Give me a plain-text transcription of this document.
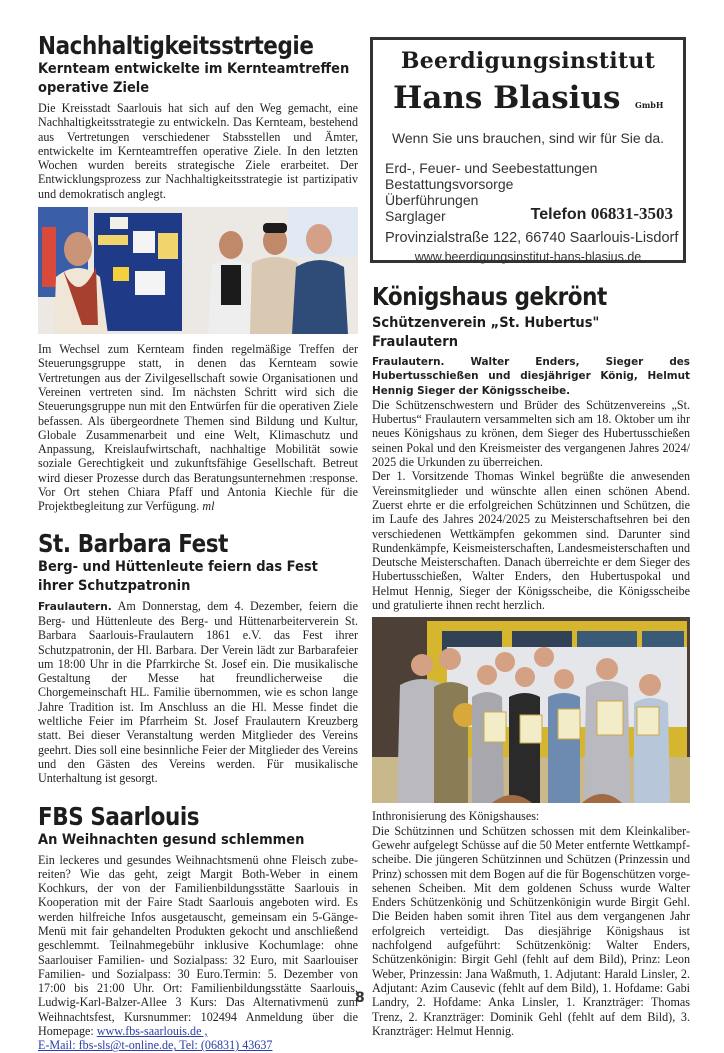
Nachhaltigkeitsstrtegie
Kernteam entwickelte im Kernteamtreffen operative Ziele

Die Kreisstadt Saarlouis hat sich auf den Weg gemacht, eine Nachhaltigkeitsstrategie zu entwickeln. Das Kernteam, bestehend aus Vertretungen verschiedener Stabsstellen und Ämter, entwickelte im Kernteamtreffen operative Ziele. In den letzten Wochen wurden bereits strategische Ziele erarbeitet. Der Entwicklungsprozess zur Nachhaltigkeitsstrategie ist partizipativ und demokratisch anglegt.

Im Wechsel zum Kernteam finden regelmäßige Treffen der Steuerungsgruppe statt, in denen das Kernteam sowie Vertretungen aus der Zivilgesellschaft sowie Organisationen und Vereinen vertreten sind. Im nächsten Schritt wird sich die Steuerungsgruppe nun mit den Entwürfen für die operativen Ziele befassen. Als übergeordnete Themen sind Bildung und Kultur, Globale Zusammenarbeit und eine Welt, Klimaschutz und Anpassung, Kreislaufwirtschaft, nachhaltige Mobilität sowie soziale Gerechtigkeit und zukunftsfähige Gesellschaft. Betreut wird dieser Prozesse durch das Beratungsunternehmen :response. Vor Ort stehen Chiara Pfaff und Antonia Kiechle für die Projektbegleitung zur Verfügung. ml

St. Barbara Fest
Berg- und Hüttenleute feiern das Fest ihrer Schutzpatronin

Fraulautern. Am Donnerstag, dem 4. Dezember, feiern die Berg- und Hüttenleute des Berg- und Hüttenarbeiterverein St. Barbara Saarlouis-Fraulautern 1861 e.V. das Fest ihrer Schutzpatronin, der Hl. Barbara. Der Verein lädt zur Barbarafeier um 18:00 Uhr in die Pfarrkirche St. Josef ein. Die musikalische Gestaltung der Messe hat freundlicherweise die Chorgemeinschaft HL. Familie übernommen, wie es schon lange Jahre Tradition ist. Im Anschluss an die Hl. Messe findet die weltliche Feier im Pfarrheim St. Josef Fraulautern Kreuzberg statt. Bei dieser Veranstaltung werden Mitglieder des Vereins geehrt. Dies soll eine besinnliche Feier der Mitglieder des Vereins und den Gästen des Vereins werden. Für musikalische Unterhaltung ist gesorgt.

FBS Saarlouis
An Weihnachten gesund schlemmen

Ein leckeres und gesundes Weihnachtsmenü ohne Fleisch zubereiten? Wie das geht, zeigt Margit Both-Weber in einem Kochkurs, der von der Familienbildungsstätte Saarlouis in Kooperation mit der Faire Stadt Saarlouis angeboten wird. Es werden hilfreiche Infos ausgetauscht, gemeinsam ein 5-Gänge-Menü mit fair gehandelten Produkten gekocht und anschließend geschlemmt. Teilnahmegebühr inklusive Kochumlage: ohne Saarlouiser Familien- und Sozialpass: 32 Euro, mit Saarlouiser Familien- und Sozialpass: 30 Euro.Termin: 5. Dezember von 17:00 bis 21:00 Uhr. Ort: Familienbildungsstätte Saarlouis, Ludwig-Karl-Balzer-Allee 3 Kurs: Das Alternativmenü zum Weihnachtsfest, Kursnummer: 102494 Anmeldung über die Homepage: www.fbs-saarlouis.de ,
E-Mail: fbs-sls@t-online.de, Tel: (06831) 43637

Beerdigungsinstitut
Hans Blasius GmbH
Wenn Sie uns brauchen, sind wir für Sie da.
Erd-, Feuer- und Seebestattungen
Bestattungsvorsorge
Überführungen
Sarglager	Telefon 06831-3503
Provinzialstraße 122, 66740 Saarlouis-Lisdorf
www.beerdigungsinstitut-hans-blasius.de
Königshaus gekrönt
Schützenverein „St. Hubertus" Fraulautern

Fraulautern. Walter Enders, Sieger des Hubertusschießen und diesjähriger König, Helmut Hennig Sieger der Königsscheibe.

Die Schützenschwestern und Brüder des Schützenvereins „St. Hubertus“ Fraulautern versammelten sich am 18. Oktober um ihr neues Königshaus zu krönen, dem Sieger des Hubertusschießen seinen Pokal und den Kreismeister des vergangenen Jahres 2024/ 2025 die Urkunden zu überreichen.

Der 1. Vorsitzende Thomas Winkel begrüßte die anwesenden Vereinsmitglieder und wünschte allen einen schönen Abend. Zuerst ehrte er die erfolgreichen Schützinnen und Schützen, die im Laufe des Jahres 2024/2025 zu Meisterschaftsehren bei den verschiedenen Wettkämpfen gekommen sind. Darunter sind Rundenkämpfe, Keismeisterschaften, Landesmeisterschaften und Deutsche Meisterschaften. Danach überreichte er dem Sieger des Hubertusschießen, Walter Enders, den Hubertuspokal und Helmut Hennig, Sieger der Königsscheibe, die Königsscheibe und gratulierte ihnen recht herzlich.

Inthronisierung des Königshauses:

Die Schützinnen und Schützen schossen mit dem Kleinkaliber-Gewehr aufgelegt Schüsse auf die 50 Meter entfernte Wettkampfscheibe. Die jüngeren Schützinnen und Schützen (Prinzessin und Prinz) schossen mit dem Bogen auf die für Bogenschützen vorgesehenen Scheiben. Mit dem goldenen Schuss wurde Walter Enders Schützenkönig und Schützenkönigin wurde Birgit Gehl. Die Beiden haben somit ihren Titel aus dem vergangenen Jahr erfolgreich verteidigt. Das diesjährige Königshaus ist nachfolgend aufgeführt: Schützenkönig: Walter Enders, Schützenkönigin: Birgit Gehl (fehlt auf dem Bild), Prinz: Leon Weber, Prinzessin: Jana Waßmuth, 1. Adjutant: Harald Linsler, 2. Adjutant: Azim Causevic (fehlt auf dem Bild), 1. Hofdame: Gabi Landry, 2. Hofdame: Anka Linsler, 1. Kranzträger: Thomas Trenz, 2. Kranzträger: Dominik Gehl (fehlt auf dem Bild), 3. Kranzträger: Helmut Hennig.

8
